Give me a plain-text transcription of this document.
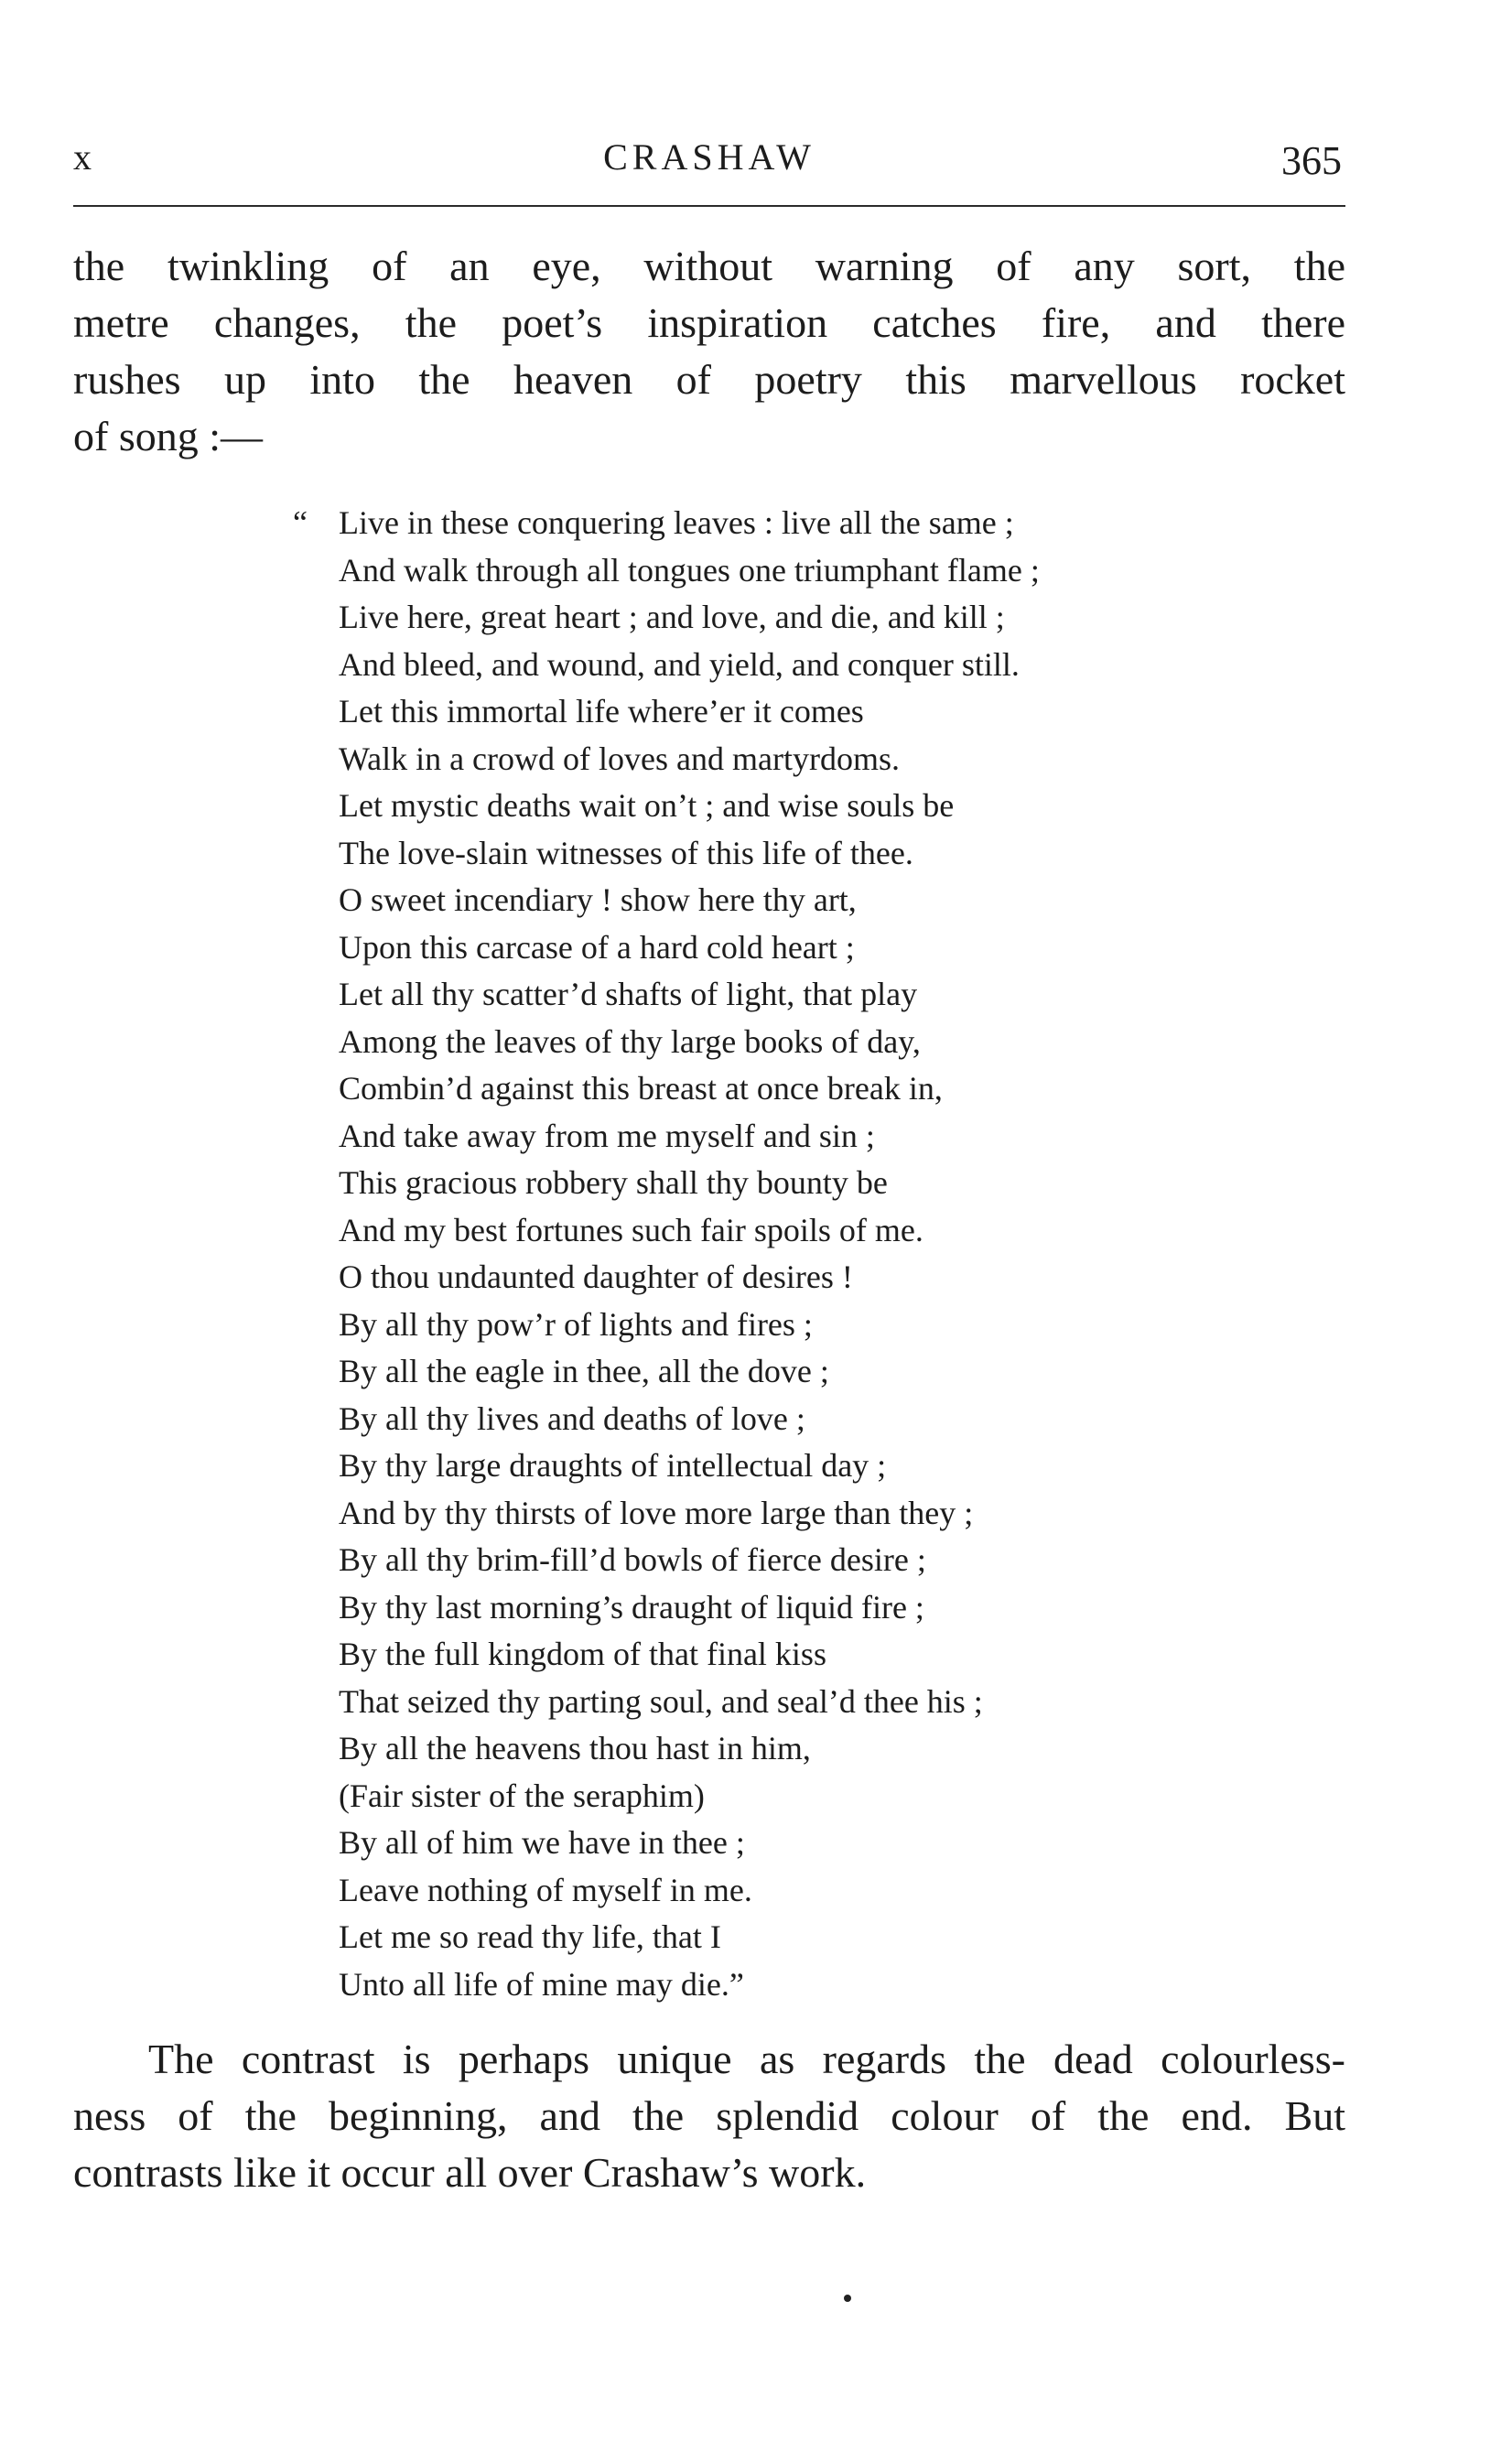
x	CRASHAW	365
the twinkling of an eye, without warning of any sort, the
metre changes, the poet’s inspiration catches fire, and there
rushes up into the heaven of poetry this marvellous rocket
of song :—
“ Live in these conquering leaves : live all the same ;
And walk through all tongues one triumphant flame ;
Live here, great heart ; and love, and die, and kill ;
And bleed, and wound, and yield, and conquer still.
Let this immortal life where’er it comes
Walk in a crowd of loves and martyrdoms.
Let mystic deaths wait on’t ; and wise souls be
The love-slain witnesses of this life of thee.
O sweet incendiary ! show here thy art,
Upon this carcase of a hard cold heart ;
Let all thy scatter’d shafts of light, that play
Among the leaves of thy large books of day,
Combin’d against this breast at once break in,
And take away from me myself and sin ;
This gracious robbery shall thy bounty be
And my best fortunes such fair spoils of me.
O thou undaunted daughter of desires !
By all thy pow’r of lights and fires ;
By all the eagle in thee, all the dove ;
By all thy lives and deaths of love ;
By thy large draughts of intellectual day ;
And by thy thirsts of love more large than they ;
By all thy brim-fill’d bowls of fierce desire ;
By thy last morning’s draught of liquid fire ;
By the full kingdom of that final kiss
That seized thy parting soul, and seal’d thee his ;
By all the heavens thou hast in him,
(Fair sister of the seraphim)
By all of him we have in thee ;
Leave nothing of myself in me.
Let me so read thy life, that I
Unto all life of mine may die.”
The contrast is perhaps unique as regards the dead colourless-
ness of the beginning, and the splendid colour of the end. But
contrasts like it occur all over Crashaw’s work.
